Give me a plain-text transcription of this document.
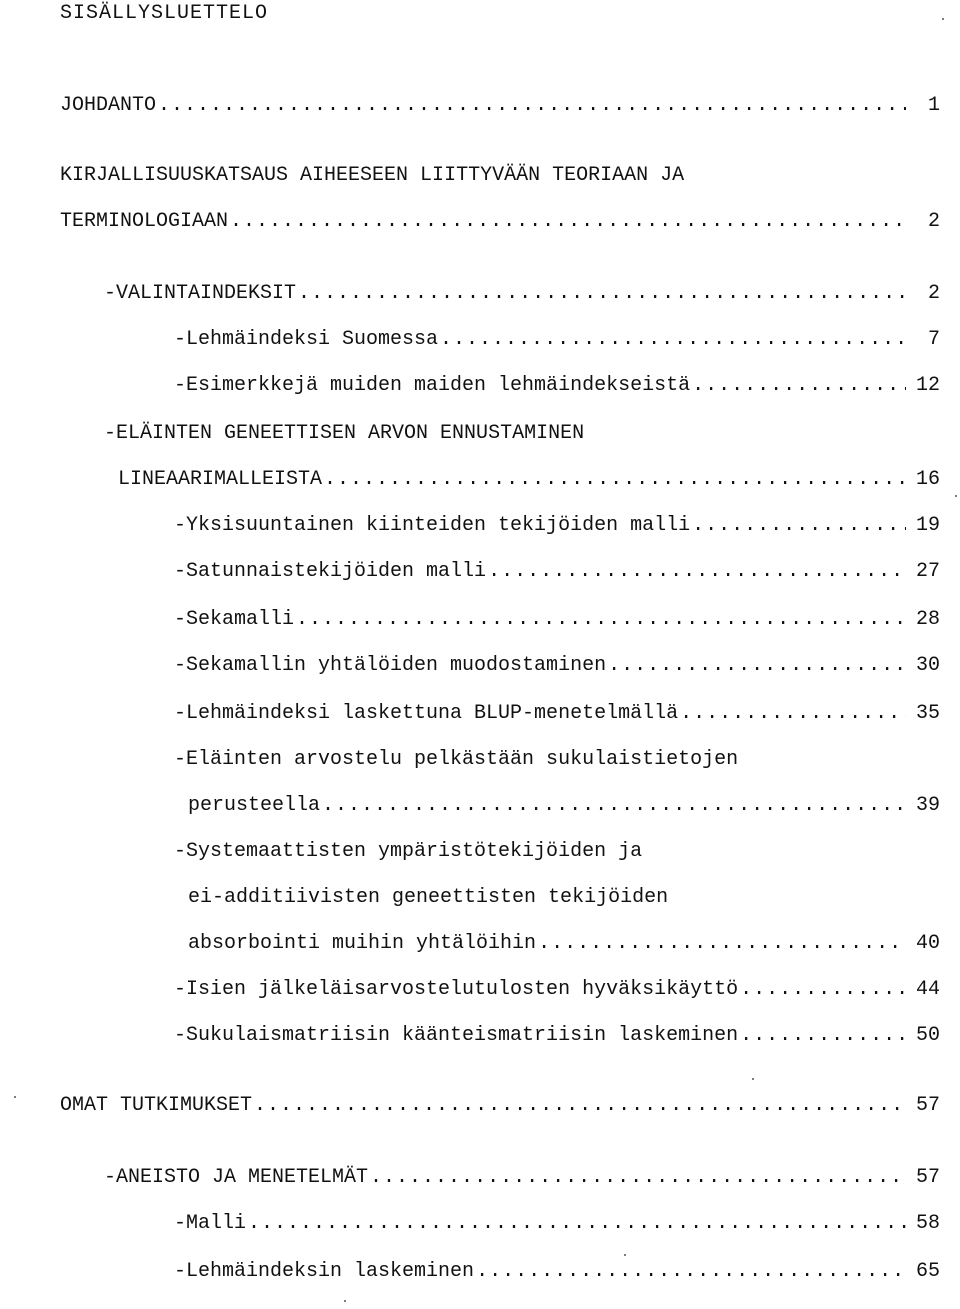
SISÄLLYSLUETTELO
JOHDANTO .....	1
KIRJALLISUUSKATSAUS AIHEESEEN LIITTYVÄÄN TEORIAAN JA
TERMINOLOGIAAN .....	2
-VALINTAINDEKSIT .....	2
-Lehmäindeksi Suomessa .....	7
-Esimerkkejä muiden maiden lehmäindekseistä .....	12
-ELÄINTEN GENEETTISEN ARVON ENNUSTAMINEN
LINEAARIMALLEISTA .....	16
-Yksisuuntainen kiinteiden tekijöiden malli .....	19
-Satunnaistekijöiden malli .....	27
-Sekamalli .....	28
-Sekamallin yhtälöiden muodostaminen .....	30
-Lehmäindeksi laskettuna BLUP-menetelmällä .....	35
-Eläinten arvostelu pelkästään sukulaistietojen
perusteella .....	39
-Systemaattisten ympäristötekijöiden ja
ei-additiivisten geneettisten tekijöiden
absorbointi muihin yhtälöihin .....	40
-Isien jälkeläisarvostelutulosten hyväksikäyttö .....	44
-Sukulaismatriisin käänteismatriisin laskeminen .....	50
OMAT TUTKIMUKSET .....	57
-ANEISTO JA MENETELMÄT .....	57
-Malli .....	58
-Lehmäindeksin laskeminen .....	65
